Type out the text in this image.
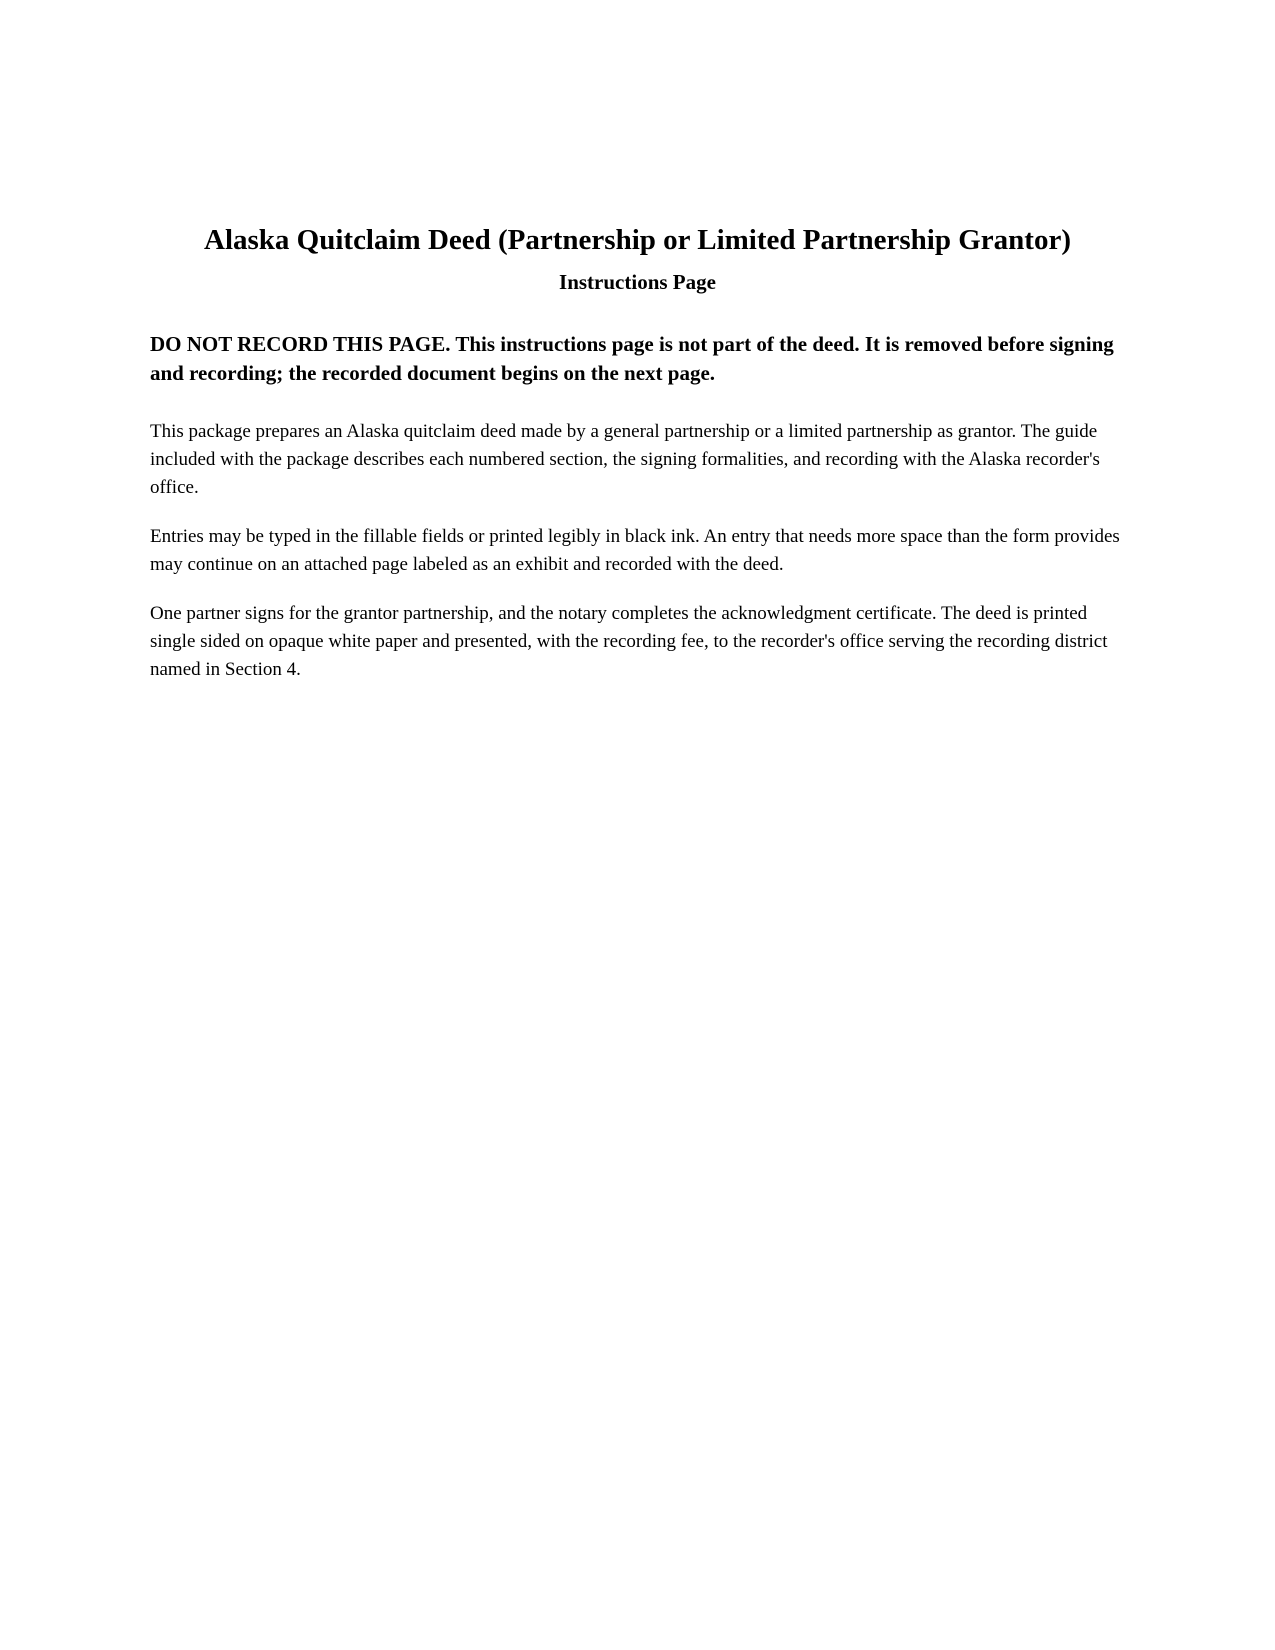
Alaska Quitclaim Deed (Partnership or Limited Partnership Grantor)
Instructions Page

DO NOT RECORD THIS PAGE. This instructions page is not part of the deed. It is removed before signing and recording; the recorded document begins on the next page.

This package prepares an Alaska quitclaim deed made by a general partnership or a limited partnership as grantor. The guide included with the package describes each numbered section, the signing formalities, and recording with the Alaska recorder's office.

Entries may be typed in the fillable fields or printed legibly in black ink. An entry that needs more space than the form provides may continue on an attached page labeled as an exhibit and recorded with the deed.

One partner signs for the grantor partnership, and the notary completes the acknowledgment certificate. The deed is printed single sided on opaque white paper and presented, with the recording fee, to the recorder's office serving the recording district named in Section 4.
